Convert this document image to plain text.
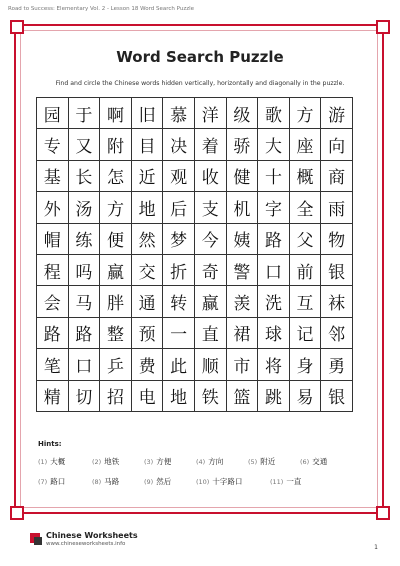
Road to Success: Elementary Vol. 2 - Lesson 18 Word Search Puzzle
Word Search Puzzle
Find and circle the Chinese words hidden vertically, horizontally and diagonally in the puzzle.
园	于	啊	旧	慕	洋	级	歌	方	游
专	又	附	目	决	着	骄	大	座	向
基	长	怎	近	观	收	健	十	概	商
外	汤	方	地	后	支	机	字	全	雨
帽	练	便	然	梦	今	姨	路	父	物
程	吗	赢	交	折	奇	警	口	前	银
会	马	胖	通	转	赢	羡	洗	互	袜
路	路	整	预	一	直	裙	球	记	邻
笔	口	乒	费	此	顺	市	将	身	勇
精	切	招	电	地	铁	篮	跳	易	银
Hints:
(1) 大概	(2) 地铁	(3) 方便	(4) 方向	(5) 附近	(6) 交通
(7) 路口	(8) 马路	(9) 然后	(10) 十字路口	(11) 一直
Chinese Worksheets
www.chineseworksheets.info	1
